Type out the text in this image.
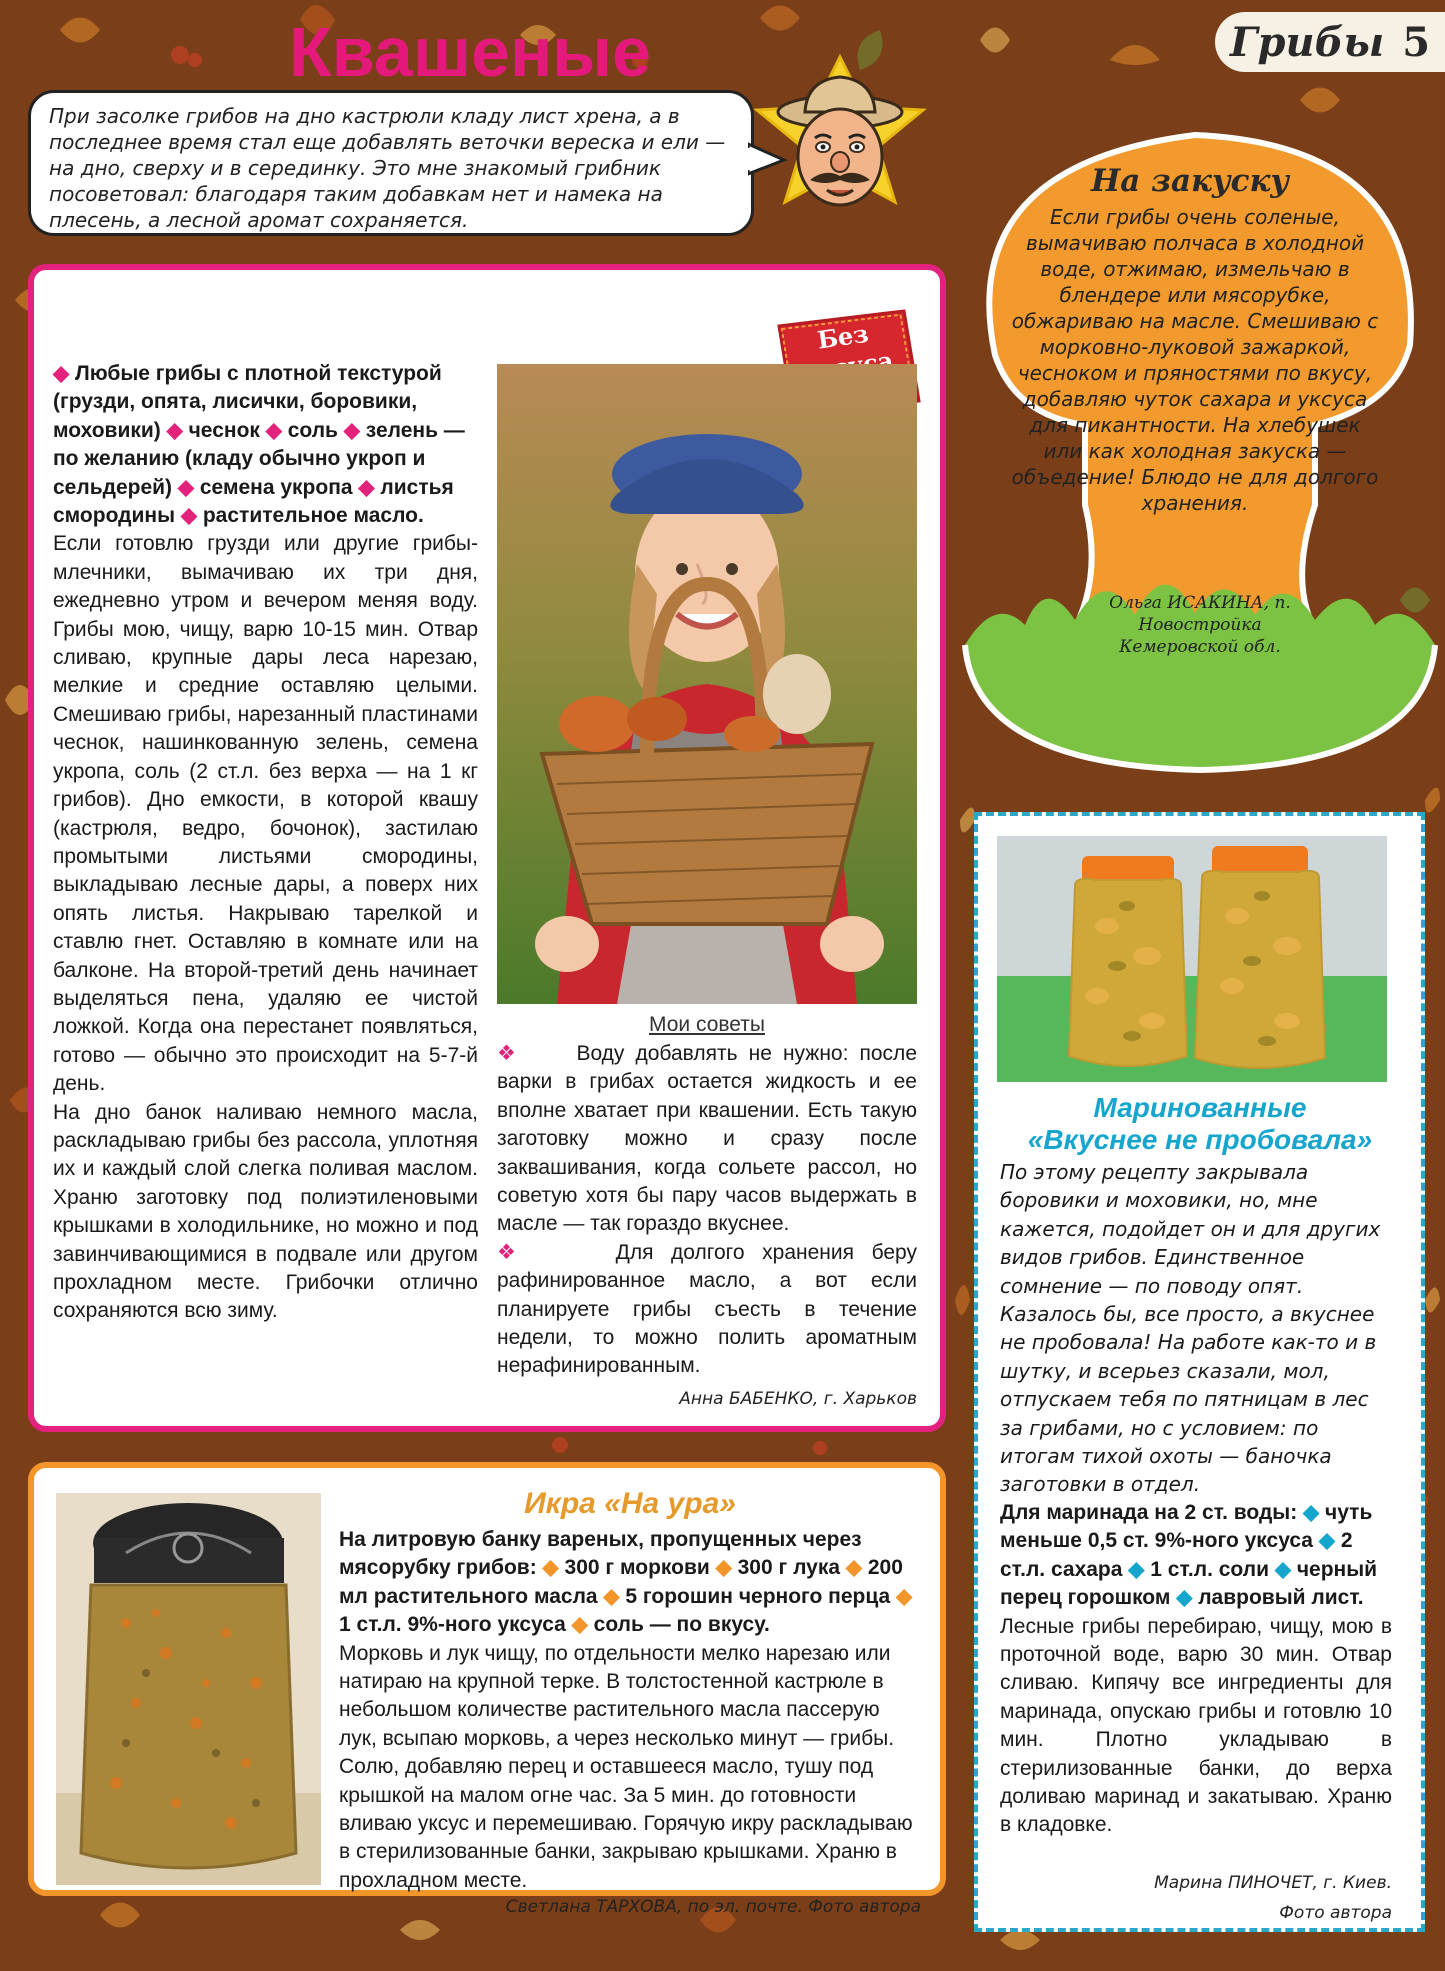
Грибы 5

При засолке грибов на дно кастрюли кладу лист хрена, а в последнее время стал еще добавлять веточки вереска и ели — на дно, сверху и в серединку. Это мне знакомый грибник посоветовал: благодаря таким добавкам нет и намека на плесень, а лесной аромат сохраняется.

На закуску

Если грибы очень соленые, вымачиваю полчаса в холодной воде, отжимаю, измельчаю в блендере или мясорубке, обжариваю на масле. Смешиваю с морковно-луковой зажаркой, чесноком и пряностями по вкусу, добавляю чуток сахара и уксуса для пикантности. На хлебушек или как холодная закуска — объедение! Блюдо не для долгого хранения.

Ольга ИСАКИНА, п. Новостройка
Кемеровской обл.
Квашеные
Без

◆ Любые грибы с плотной текстурой (грузди, опята, лисички, боровики, моховики) ◆ чеснок ◆ соль ◆ зелень — по желанию (кладу обычно укроп и сельдерей) ◆ семена укропа ◆ листья смородины ◆ растительное масло.

Если готовлю грузди или другие грибы-млечники, вымачиваю их три дня, ежедневно утром и вечером меняя воду. Грибы мою, чищу, варю 10-15 мин. Отвар сливаю, крупные дары леса нарезаю, мелкие и средние оставляю целыми. Смешиваю грибы, нарезанный пластинами чеснок, нашинкованную зелень, семена укропа, соль (2 ст.л. без верха — на 1 кг грибов). Дно емкости, в которой квашу (кастрюля, ведро, бочонок), застилаю промытыми листьями смородины, выкладываю лесные дары, а поверх них опять листья. Накрываю тарелкой и ставлю гнет. Оставляю в комнате или на балконе. На второй-третий день начинает выделяться пена, удаляю ее чистой ложкой. Когда она перестанет появляться, готово — обычно это происходит на 5-7-й день.

На дно банок наливаю немного масла, раскладываю грибы без рассола, уплотняя их и каждый слой слегка поливая маслом. Храню заготовку под полиэтиленовыми крышками в холодильнике, но можно и под завинчивающимися в подвале или другом прохладном месте. Грибочки отлично сохраняются всю зиму.

Мои советы

❖	Воду добавлять не нужно: после варки в грибах остается жидкость и ее вполне хватает при квашении. Есть такую заготовку можно и сразу после заквашивания, когда сольете рассол, но советую хотя бы пару часов выдержать в масле — так гораздо вкуснее.

❖	Для долгого хранения беру рафинированное масло, а вот если планируете грибы съесть в течение недели, то можно полить ароматным нерафинированным.

Анна БАБЕНКО, г. Харьков
Маринованные
«Вкуснее не пробовала»

По этому рецепту закрывала боровики и моховики, но, мне кажется, подойдет он и для других видов грибов. Единственное сомнение — по поводу опят. Казалось бы, все просто, а вкуснее не пробовала! На работе как-то и в шутку, и всерьез сказали, мол, отпускаем тебя по пятницам в лес за грибами, но с условием: по итогам тихой охоты — баночка заготовки в отдел.

Для маринада на 2 ст. воды: ◆ чуть меньше 0,5 ст. 9%-ного уксуса ◆ 2 ст.л. сахара ◆ 1 ст.л. соли ◆ черный перец горошком ◆ лавровый лист.

Лесные грибы перебираю, чищу, мою в проточной воде, варю 30 мин. Отвар сливаю. Кипячу все ингредиенты для маринада, опускаю грибы и готовлю 10 мин. Плотно укладываю в стерилизованные банки, до верха доливаю маринад и закатываю. Храню в кладовке.

Марина ПИНОЧЕТ, г. Киев.
Фото автора
Икра «На ура»

На литровую банку вареных, пропущенных через мясорубку грибов: ◆ 300 г моркови ◆ 300 г лука ◆ 200 мл растительного масла ◆ 5 горошин черного перца ◆ 1 ст.л. 9%-ного уксуса ◆ соль — по вкусу.

Морковь и лук чищу, по отдельности мелко нарезаю или натираю на крупной терке. В толстостенной кастрюле в небольшом количестве растительного масла пассерую лук, всыпаю морковь, а через несколько минут — грибы. Солю, добавляю перец и оставшееся масло, тушу под крышкой на малом огне час. За 5 мин. до готовности вливаю уксус и перемешиваю. Горячую икру раскладываю в стерилизованные банки, закрываю крышками. Храню в прохладном месте.

Светлана ТАРХОВА, по эл. почте. Фото автора
